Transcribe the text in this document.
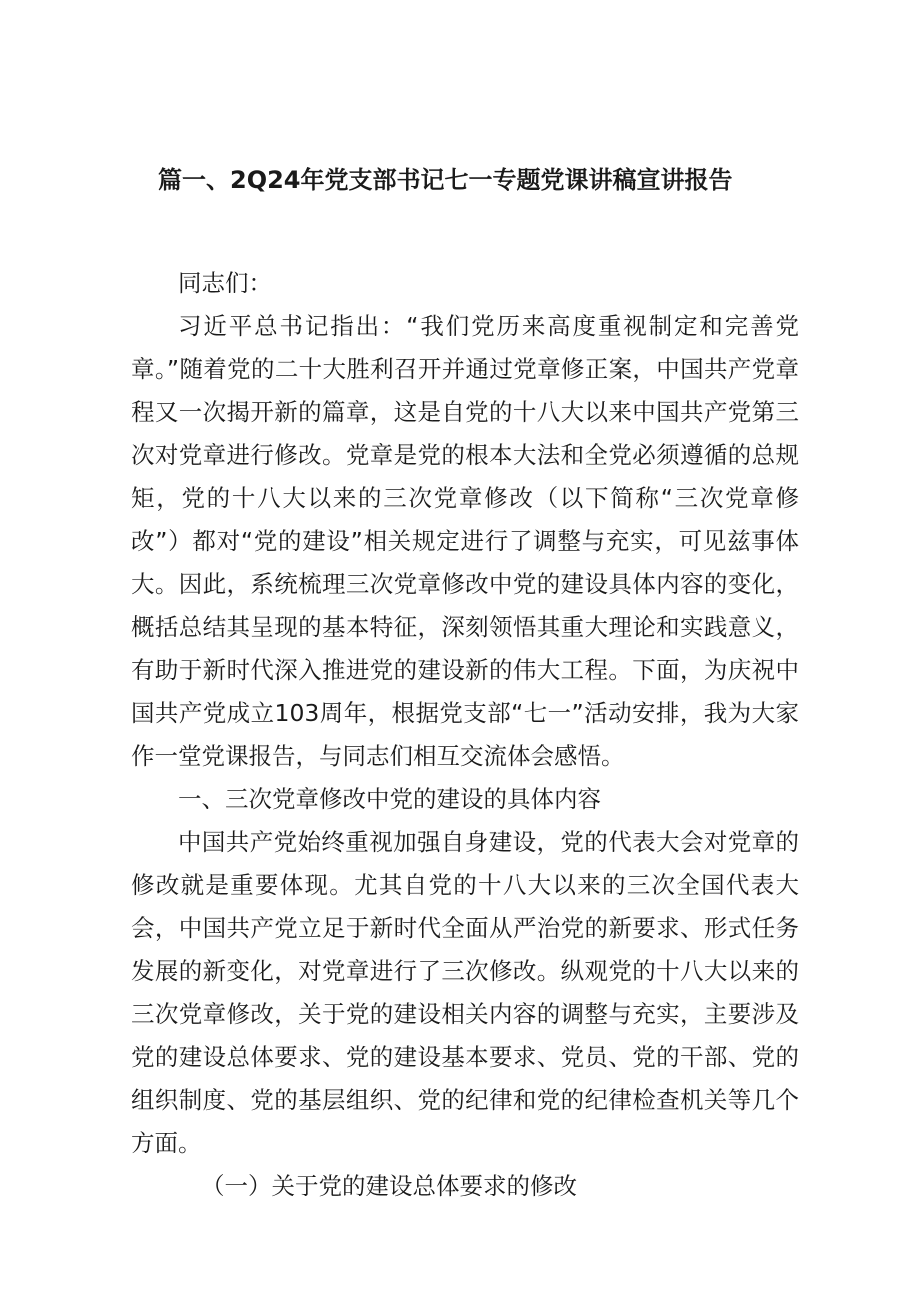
篇一、2Q24年党支部书记七一专题党课讲稿宣讲报告

同志们：

习近平总书记指出：“我们党历来高度重视制定和完善党章。”随着党的二十大胜利召开并通过党章修正案，中国共产党章程又一次揭开新的篇章，这是自党的十八大以来中国共产党第三次对党章进行修改。党章是党的根本大法和全党必须遵循的总规矩，党的十八大以来的三次党章修改（以下简称“三次党章修改”）都对“党的建设”相关规定进行了调整与充实，可见兹事体大。因此，系统梳理三次党章修改中党的建设具体内容的变化，概括总结其呈现的基本特征，深刻领悟其重大理论和实践意义，有助于新时代深入推进党的建设新的伟大工程。下面，为庆祝中国共产党成立103周年，根据党支部“七一”活动安排，我为大家作一堂党课报告，与同志们相互交流体会感悟。

一、三次党章修改中党的建设的具体内容

中国共产党始终重视加强自身建设，党的代表大会对党章的修改就是重要体现。尤其自党的十八大以来的三次全国代表大会，中国共产党立足于新时代全面从严治党的新要求、形式任务发展的新变化，对党章进行了三次修改。纵观党的十八大以来的三次党章修改，关于党的建设相关内容的调整与充实，主要涉及党的建设总体要求、党的建设基本要求、党员、党的干部、党的组织制度、党的基层组织、党的纪律和党的纪律检查机关等几个方面。

（一）关于党的建设总体要求的修改
